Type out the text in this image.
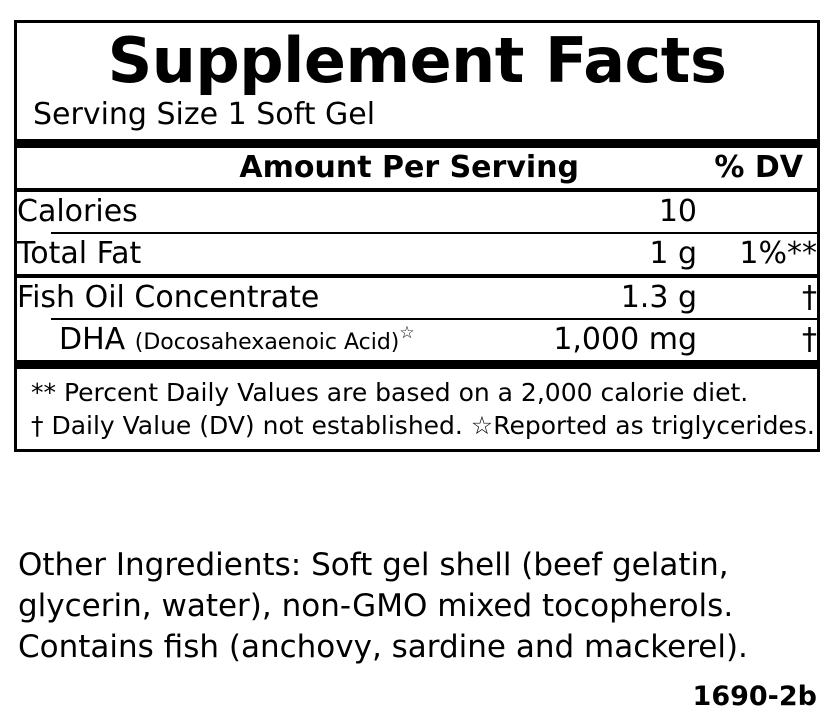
Supplement Facts
Serving Size 1 Soft Gel
	Amount Per Serving	% DV
Calories	10	
Total Fat	1 g	1%**
Fish Oil Concentrate	1.3 g	†
DHA (Docosahexaenoic Acid)☆	1,000 mg	†
** Percent Daily Values are based on a 2,000 calorie diet.
† Daily Value (DV) not established. ☆Reported as triglycerides.
Other Ingredients: Soft gel shell (beef gelatin,
glycerin, water), non-GMO mixed tocopherols.
Contains fish (anchovy, sardine and mackerel).
1690-2b
